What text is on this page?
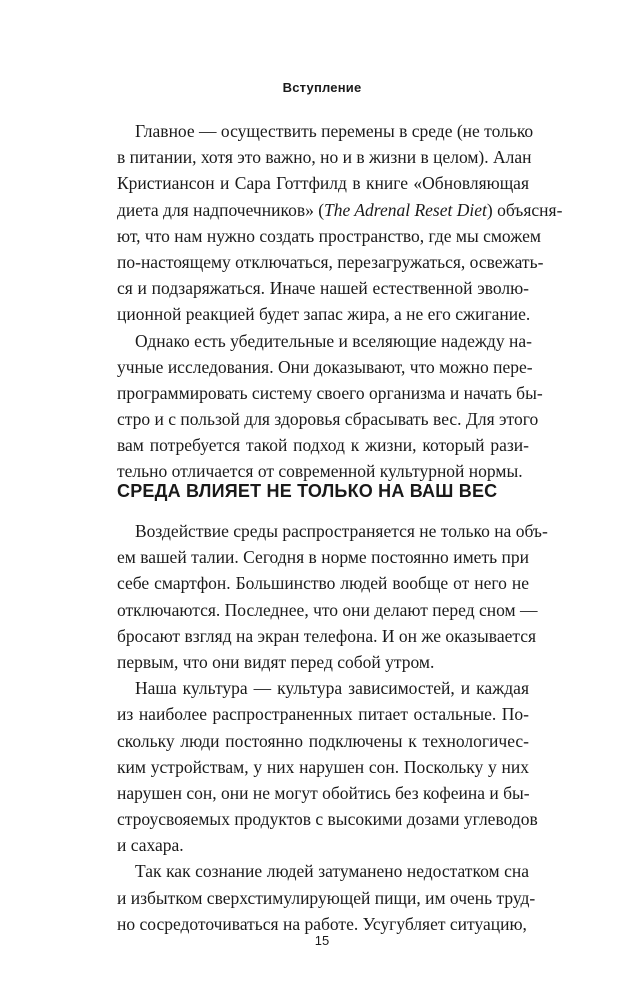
Вступление
Главное — осуществить перемены в среде (не только
в питании, хотя это важно, но и в жизни в целом). Алан
Кристиансон и Сара Готтфилд в книге «Обновляющая
диета для надпочечников» (The Adrenal Reset Diet) объясня-
ют, что нам нужно создать пространство, где мы сможем
по-настоящему отключаться, перезагружаться, освежать-
ся и подзаряжаться. Иначе нашей естественной эволю-
ционной реакцией будет запас жира, а не его сжигание.
Однако есть убедительные и вселяющие надежду на-
учные исследования. Они доказывают, что можно пере-
программировать систему своего организма и начать бы-
стро и с пользой для здоровья сбрасывать вес. Для этого
вам потребуется такой подход к жизни, который рази-
тельно отличается от современной культурной нормы.
СРЕДА ВЛИЯЕТ НЕ ТОЛЬКО НА ВАШ ВЕС
Воздействие среды распространяется не только на объ-
ем вашей талии. Сегодня в норме постоянно иметь при
себе смартфон. Большинство людей вообще от него не
отключаются. Последнее, что они делают перед сном —
бросают взгляд на экран телефона. И он же оказывается
первым, что они видят перед собой утром.
Наша культура — культура зависимостей, и каждая
из наиболее распространенных питает остальные. По-
скольку люди постоянно подключены к технологичес-
ким устройствам, у них нарушен сон. Поскольку у них
нарушен сон, они не могут обойтись без кофеина и бы-
строусвояемых продуктов с высокими дозами углеводов
и сахара.
Так как сознание людей затуманено недостатком сна
и избытком сверхстимулирующей пищи, им очень труд-
но сосредоточиваться на работе. Усугубляет ситуацию,
15
